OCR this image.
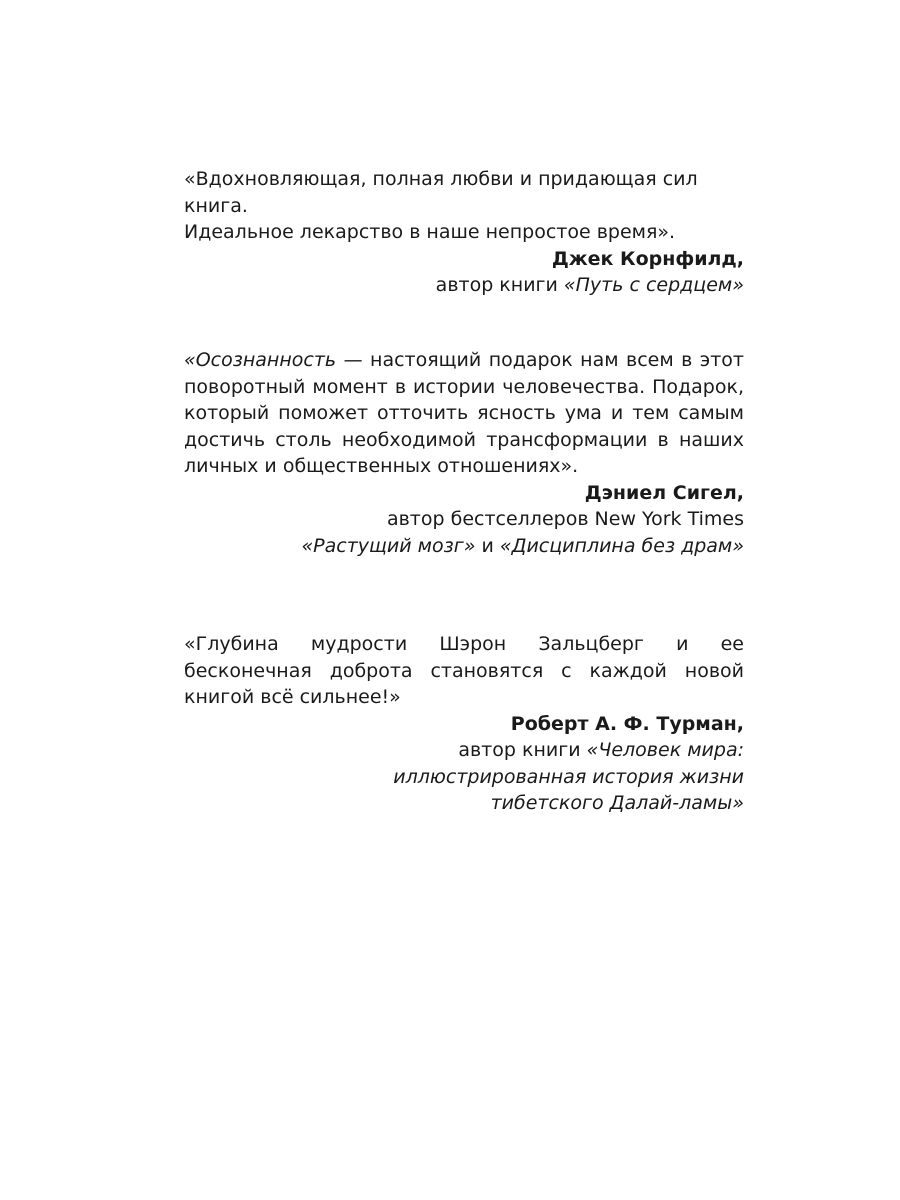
«Вдохновляющая, полная любви и придающая сил книга.
Идеальное лекарство в наше непростое время».

Джек Корнфилд,

автор книги «Путь с сердцем»

«Осознанность — настоящий подарок нам всем в этот поворотный момент в истории человечества. Подарок, который поможет отточить ясность ума и тем самым достичь столь необходимой трансформации в наших личных и общественных отношениях».

Дэниел Сигел,

автор бестселлеров New York Times
«Растущий мозг» и «Дисциплина без драм»

«Глубина мудрости Шэрон Зальцберг и ее бесконечная доброта становятся с каждой новой книгой всё сильнее!»

Роберт А. Ф. Турман,

автор книги «Человек мира:
иллюстрированная история жизни
тибетского Далай-ламы»
